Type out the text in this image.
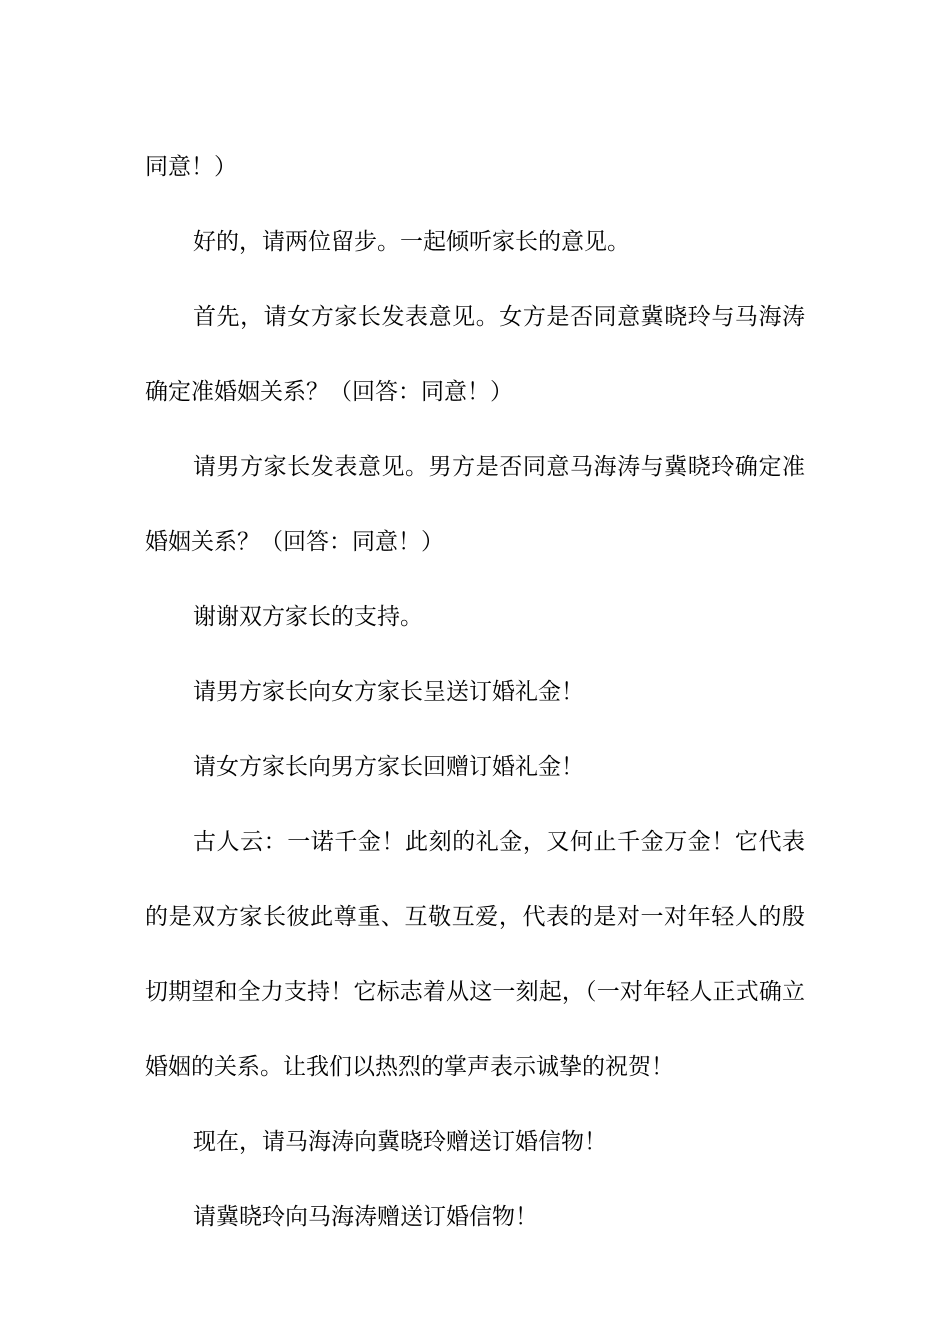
同意！）

好的，请两位留步。一起倾听家长的意见。

首先，请女方家长发表意见。女方是否同意冀晓玲与马海涛确定准婚姻关系？（回答：同意！）

请男方家长发表意见。男方是否同意马海涛与冀晓玲确定准婚姻关系？（回答：同意！）

谢谢双方家长的支持。

请男方家长向女方家长呈送订婚礼金！

请女方家长向男方家长回赠订婚礼金！

古人云：一诺千金！此刻的礼金，又何止千金万金！它代表的是双方家长彼此尊重、互敬互爱，代表的是对一对年轻人的殷切期望和全力支持！它标志着从这一刻起，（一对年轻人正式确立婚姻的关系。让我们以热烈的掌声表示诚挚的祝贺！

现在，请马海涛向冀晓玲赠送订婚信物！

请冀晓玲向马海涛赠送订婚信物！
